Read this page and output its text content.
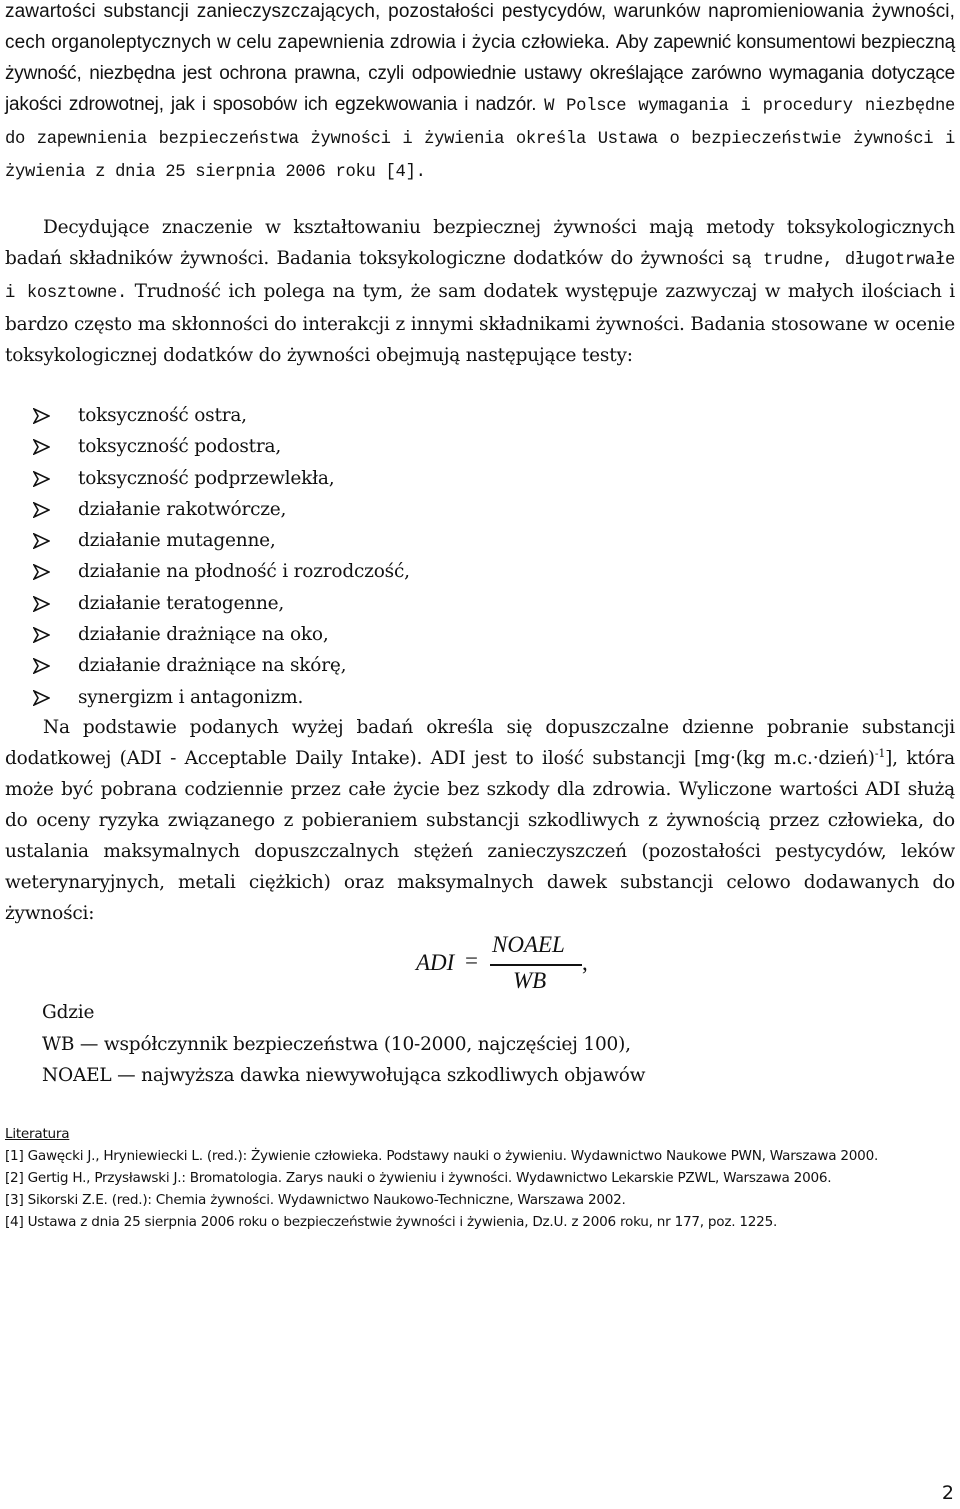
zawartości substancji zanieczyszczających, pozostałości pestycydów, warunków napromieniowania żywności, cech organoleptycznych w celu zapewnienia zdrowia i życia człowieka. Aby zapewnić konsumentowi bezpieczną żywność, niezbędna jest ochrona prawna, czyli odpowiednie ustawy określające zarówno wymagania dotyczące jakości zdrowotnej, jak i sposobów ich egzekwowania i nadzór. W Polsce wymagania i procedury niezbędne do zapewnienia bezpieczeństwa żywności i żywienia określa Ustawa o bezpieczeństwie żywności i żywienia z dnia 25 sierpnia 2006 roku [4].

Decydujące znaczenie w kształtowaniu bezpiecznej żywności mają metody toksykologicznych badań składników żywności. Badania toksykologiczne dodatków do żywności są trudne, długotrwałe i kosztowne. Trudność ich polega na tym, że sam dodatek występuje zazwyczaj w małych ilościach i bardzo często ma skłonności do interakcji z innymi składnikami żywności. Badania stosowane w ocenie toksykologicznej dodatków do żywności obejmują następujące testy:

toksyczność ostra,
toksyczność podostra,
toksyczność podprzewlekła,
działanie rakotwórcze,
działanie mutagenne,
działanie na płodność i rozrodczość,
działanie teratogenne,
działanie drażniące na oko,
działanie drażniące na skórę,
synergizm i antagonizm.

Na podstawie podanych wyżej badań określa się dopuszczalne dzienne pobranie substancji dodatkowej (ADI - Acceptable Daily Intake). ADI jest to ilość substancji [mg·(kg m.c.·dzień)$^{-1}$], która może być pobrana codziennie przez całe życie bez szkody dla zdrowia. Wyliczone wartości ADI służą do oceny ryzyka związanego z pobieraniem substancji szkodliwych z żywnością przez człowieka, do ustalania maksymalnych dopuszczalnych stężeń zanieczyszczeń (pozostałości pestycydów, leków weterynaryjnych, metali ciężkich) oraz maksymalnych dawek substancji celowo dodawanych do żywności:

ADI =
NOAEL
WB
,
Gdzie
WB — współczynnik bezpieczeństwa (10-2000, najczęściej 100),
NOAEL — najwyższa dawka niewywołująca szkodliwych objawów
Literatura
[1] Gawęcki J., Hryniewiecki L. (red.): Żywienie człowieka. Podstawy nauki o żywieniu. Wydawnictwo Naukowe PWN, Warszawa 2000.
[2] Gertig H., Przysławski J.: Bromatologia. Zarys nauki o żywieniu i żywności. Wydawnictwo Lekarskie PZWL, Warszawa 2006.
[3] Sikorski Z.E. (red.): Chemia żywności. Wydawnictwo Naukowo-Techniczne, Warszawa 2002.
[4] Ustawa z dnia 25 sierpnia 2006 roku o bezpieczeństwie żywności i żywienia, Dz.U. z 2006 roku, nr 177, poz. 1225.
2
